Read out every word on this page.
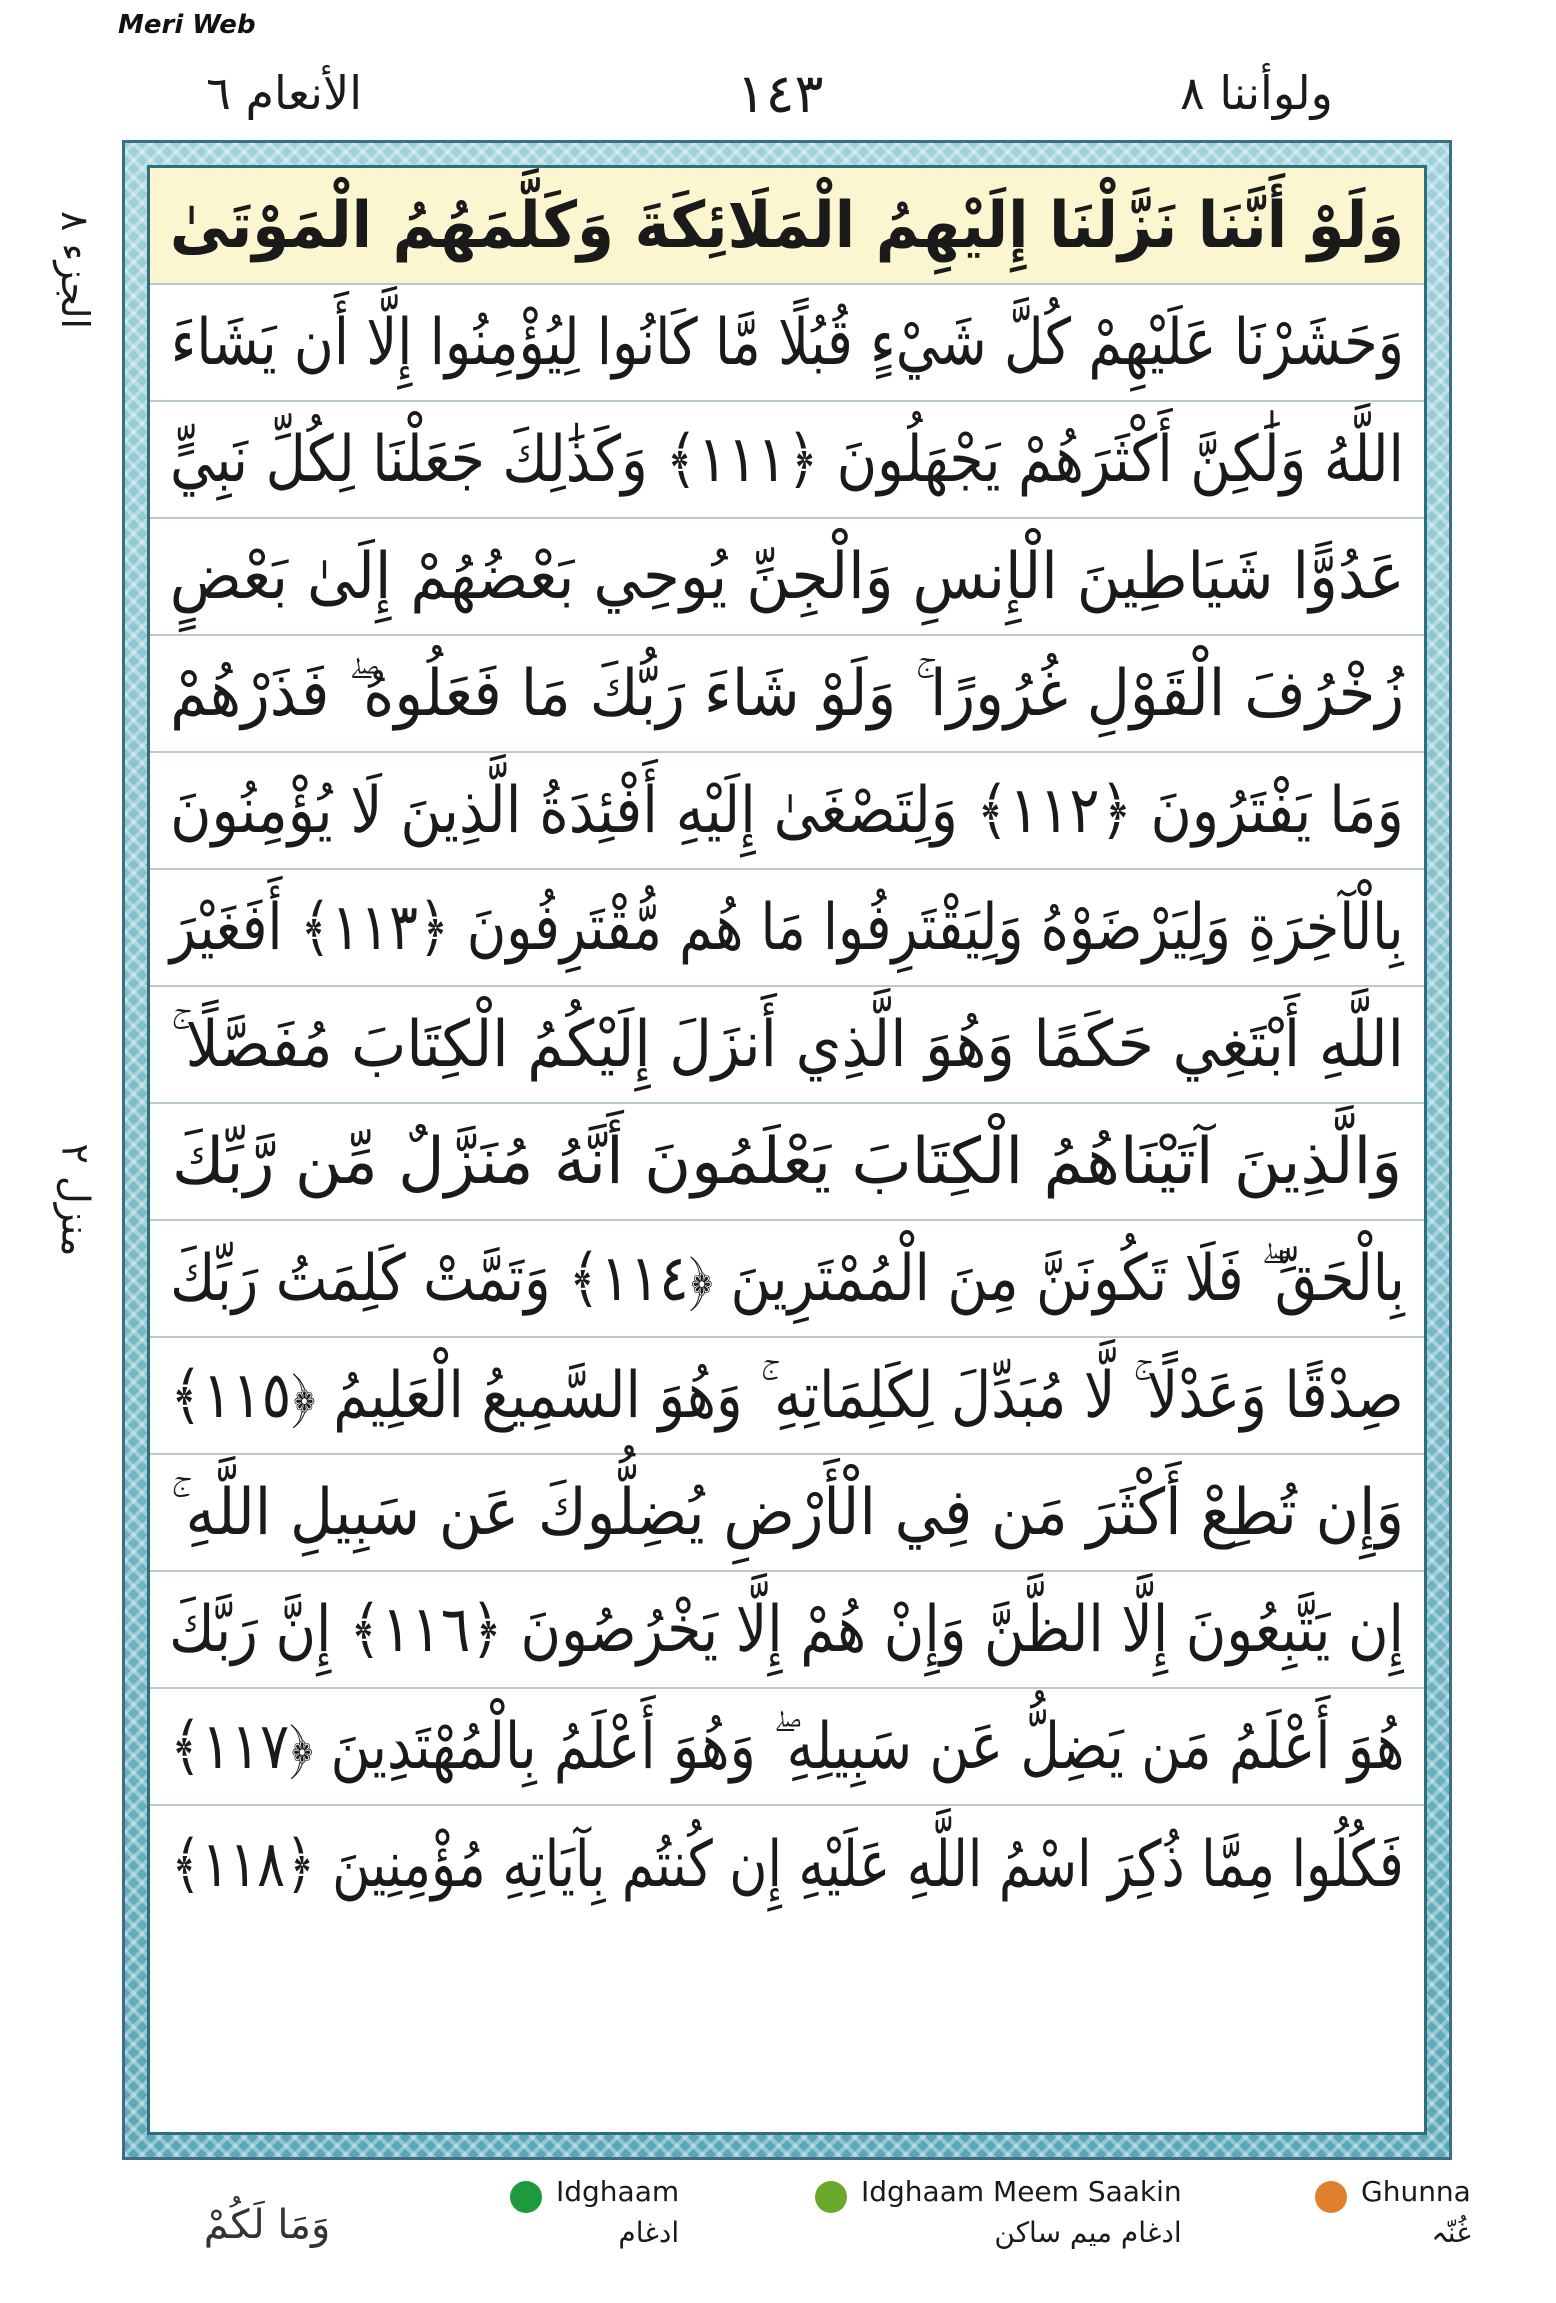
Meri Web
الأنعام ٦	١٤٣	ولوأننا ٨
الجزء ٨
منزل ٢
وَلَوْ أَنَّنَا نَزَّلْنَا إِلَيْهِمُ الْمَلَائِكَةَ وَكَلَّمَهُمُ الْمَوْتَىٰ
وَحَشَرْنَا عَلَيْهِمْ كُلَّ شَيْءٍ قُبُلًا مَّا كَانُوا لِيُؤْمِنُوا إِلَّا أَن يَشَاءَ
اللَّهُ وَلَٰكِنَّ أَكْثَرَهُمْ يَجْهَلُونَ ﴿١١١﴾ وَكَذَٰلِكَ جَعَلْنَا لِكُلِّ نَبِيٍّ
عَدُوًّا شَيَاطِينَ الْإِنسِ وَالْجِنِّ يُوحِي بَعْضُهُمْ إِلَىٰ بَعْضٍ
زُخْرُفَ الْقَوْلِ غُرُورًا ۚ وَلَوْ شَاءَ رَبُّكَ مَا فَعَلُوهُ ۖ فَذَرْهُمْ
وَمَا يَفْتَرُونَ ﴿١١٢﴾ وَلِتَصْغَىٰ إِلَيْهِ أَفْئِدَةُ الَّذِينَ لَا يُؤْمِنُونَ
بِالْآخِرَةِ وَلِيَرْضَوْهُ وَلِيَقْتَرِفُوا مَا هُم مُّقْتَرِفُونَ ﴿١١٣﴾ أَفَغَيْرَ
اللَّهِ أَبْتَغِي حَكَمًا وَهُوَ الَّذِي أَنزَلَ إِلَيْكُمُ الْكِتَابَ مُفَصَّلًا ۚ
وَالَّذِينَ آتَيْنَاهُمُ الْكِتَابَ يَعْلَمُونَ أَنَّهُ مُنَزَّلٌ مِّن رَّبِّكَ
بِالْحَقِّ ۖ فَلَا تَكُونَنَّ مِنَ الْمُمْتَرِينَ ﴿١١٤﴾ وَتَمَّتْ كَلِمَتُ رَبِّكَ
صِدْقًا وَعَدْلًا ۚ لَّا مُبَدِّلَ لِكَلِمَاتِهِ ۚ وَهُوَ السَّمِيعُ الْعَلِيمُ ﴿١١٥﴾
وَإِن تُطِعْ أَكْثَرَ مَن فِي الْأَرْضِ يُضِلُّوكَ عَن سَبِيلِ اللَّهِ ۚ
إِن يَتَّبِعُونَ إِلَّا الظَّنَّ وَإِنْ هُمْ إِلَّا يَخْرُصُونَ ﴿١١٦﴾ إِنَّ رَبَّكَ
هُوَ أَعْلَمُ مَن يَضِلُّ عَن سَبِيلِهِ ۖ وَهُوَ أَعْلَمُ بِالْمُهْتَدِينَ ﴿١١٧﴾
فَكُلُوا مِمَّا ذُكِرَ اسْمُ اللَّهِ عَلَيْهِ إِن كُنتُم بِآيَاتِهِ مُؤْمِنِينَ ﴿١١٨﴾
وَمَا لَكُمْ
Idghaam
ادغام
Idghaam Meem Saakin
ادغام میم ساکن
Ghunna
غُنّہ
